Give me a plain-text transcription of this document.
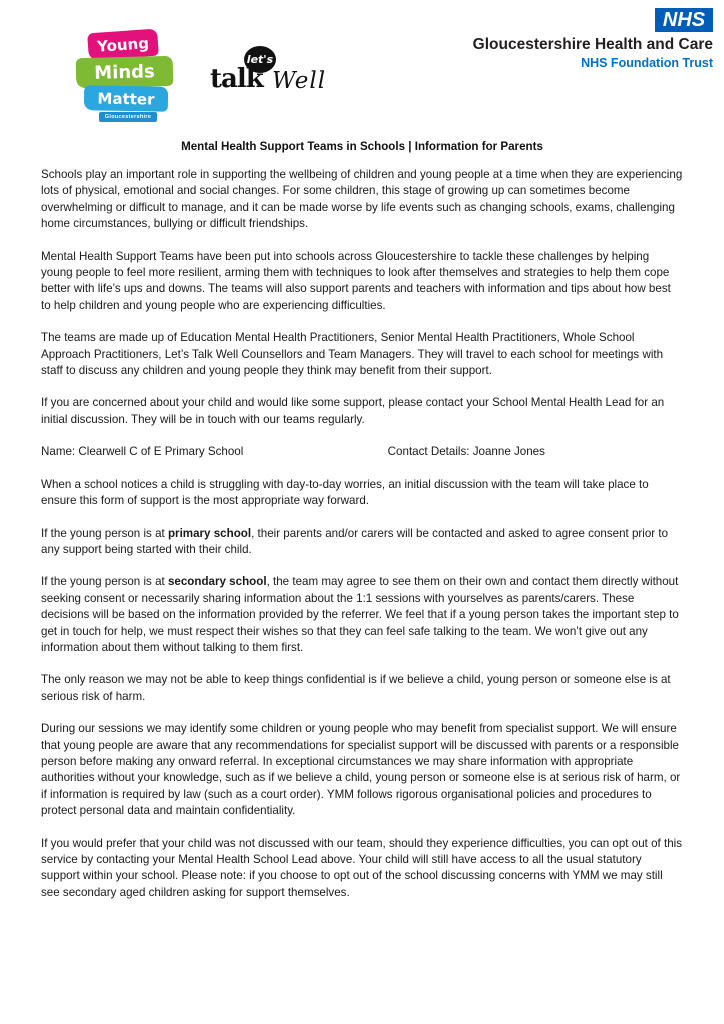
Young
Minds
Matter
Gloucestershire
let's
talk Well
NHS
Gloucestershire Health and Care
NHS Foundation Trust
Mental Health Support Teams in Schools | Information for Parents

Schools play an important role in supporting the wellbeing of children and young people at a time when they are experiencing lots of physical, emotional and social changes. For some children, this stage of growing up can sometimes become overwhelming or difficult to manage, and it can be made worse by life events such as changing schools, exams, challenging home circumstances, bullying or difficult friendships.

Mental Health Support Teams have been put into schools across Gloucestershire to tackle these challenges by helping young people to feel more resilient, arming them with techniques to look after themselves and strategies to help them cope better with life’s ups and downs. The teams will also support parents and teachers with information and tips about how best to help children and young people who are experiencing difficulties.

The teams are made up of Education Mental Health Practitioners, Senior Mental Health Practitioners, Whole School Approach Practitioners, Let’s Talk Well Counsellors and Team Managers. They will travel to each school for meetings with staff to discuss any children and young people they think may benefit from their support.

If you are concerned about your child and would like some support, please contact your School Mental Health Lead for an initial discussion. They will be in touch with our teams regularly.

Name: Clearwell C of E Primary School	Contact Details: Joanne Jones

When a school notices a child is struggling with day-to-day worries, an initial discussion with the team will take place to ensure this form of support is the most appropriate way forward.

If the young person is at primary school, their parents and/or carers will be contacted and asked to agree consent prior to any support being started with their child.

If the young person is at secondary school, the team may agree to see them on their own and contact them directly without seeking consent or necessarily sharing information about the 1:1 sessions with yourselves as parents/carers. These decisions will be based on the information provided by the referrer. We feel that if a young person takes the important step to get in touch for help, we must respect their wishes so that they can feel safe talking to the team. We won’t give out any information about them without talking to them first.

The only reason we may not be able to keep things confidential is if we believe a child, young person or someone else is at serious risk of harm.

During our sessions we may identify some children or young people who may benefit from specialist support. We will ensure that young people are aware that any recommendations for specialist support will be discussed with parents or a responsible person before making any onward referral. In exceptional circumstances we may share information with appropriate authorities without your knowledge, such as if we believe a child, young person or someone else is at serious risk of harm, or if information is required by law (such as a court order). YMM follows rigorous organisational policies and procedures to protect personal data and maintain confidentiality.

If you would prefer that your child was not discussed with our team, should they experience difficulties, you can opt out of this service by contacting your Mental Health School Lead above. Your child will still have access to all the usual statutory support within your school. Please note: if you choose to opt out of the school discussing concerns with YMM we may still see secondary aged children asking for support themselves.
